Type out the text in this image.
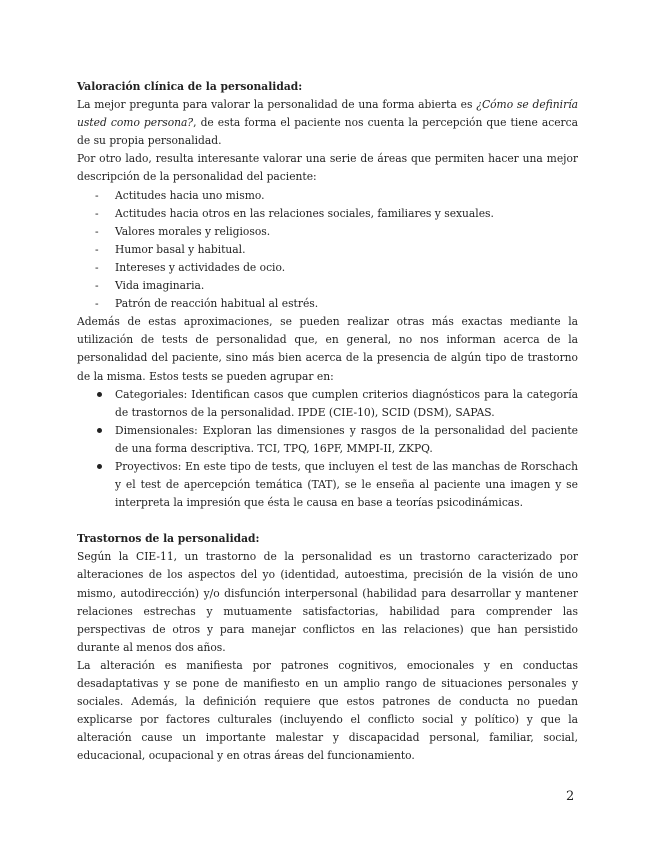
Valoración clínica de la personalidad:

La mejor pregunta para valorar la personalidad de una forma abierta es ¿Cómo se definiría usted como persona?, de esta forma el paciente nos cuenta la percepción que tiene acerca de su propia personalidad.

Por otro lado, resulta interesante valorar una serie de áreas que permiten hacer una mejor descripción de la personalidad del paciente:

- Actitudes hacia uno mismo.
- Actitudes hacia otros en las relaciones sociales, familiares y sexuales.
- Valores morales y religiosos.
- Humor basal y habitual.
- Intereses y actividades de ocio.
- Vida imaginaria.
- Patrón de reacción habitual al estrés.

Además de estas aproximaciones, se pueden realizar otras más exactas mediante la utilización de tests de personalidad que, en general, no nos informan acerca de la personalidad del paciente, sino más bien acerca de la presencia de algún tipo de trastorno de la misma. Estos tests se pueden agrupar en:

Categoriales: Identifican casos que cumplen criterios diagnósticos para la categoría de trastornos de la personalidad. IPDE (CIE-10), SCID (DSM), SAPAS.
Dimensionales: Exploran las dimensiones y rasgos de la personalidad del paciente de una forma descriptiva. TCI, TPQ, 16PF, MMPI-II, ZKPQ.
Proyectivos: En este tipo de tests, que incluyen el test de las manchas de Rorschach y el test de apercepción temática (TAT), se le enseña al paciente una imagen y se interpreta la impresión que ésta le causa en base a teorías psicodinámicas.

Trastornos de la personalidad:

Según la CIE-11, un trastorno de la personalidad es un trastorno caracterizado por alteraciones de los aspectos del yo (identidad, autoestima, precisión de la visión de uno mismo, autodirección) y/o disfunción interpersonal (habilidad para desarrollar y mantener relaciones estrechas y mutuamente satisfactorias, habilidad para comprender las perspectivas de otros y para manejar conflictos en las relaciones) que han persistido durante al menos dos años.

La alteración es manifiesta por patrones cognitivos, emocionales y en conductas desadaptativas y se pone de manifiesto en un amplio rango de situaciones personales y sociales. Además, la definición requiere que estos patrones de conducta no puedan explicarse por factores culturales (incluyendo el conflicto social y político) y que la alteración cause un importante malestar y discapacidad personal, familiar, social, educacional, ocupacional y en otras áreas del funcionamiento.

2
